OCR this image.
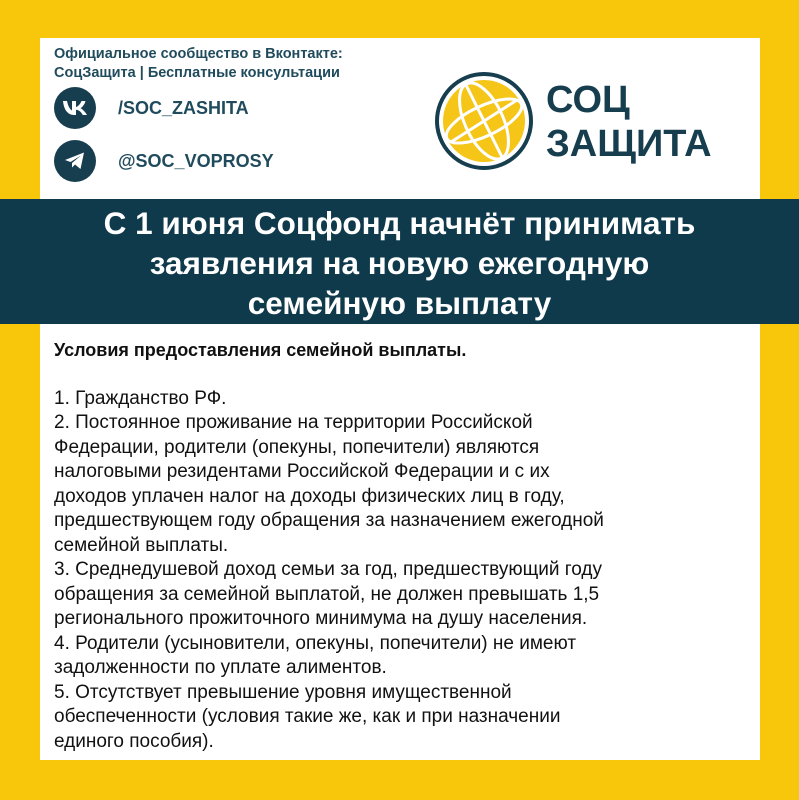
Официальное сообщество в Вконтакте:
СоцЗащита | Бесплатные консультации
/SOC_ZASHITA
@SOC_VOPROSY
СОЦ
ЗАЩИТА
С 1 июня Соцфонд начнёт принимать
заявления на новую ежегодную
семейную выплату

Условия предоставления семейной выплаты.

1. Гражданство РФ.

2. Постоянное проживание на территории Российской

Федерации, родители (опекуны, попечители) являются

налоговыми резидентами Российской Федерации и с их

доходов уплачен налог на доходы физических лиц в году,

предшествующем году обращения за назначением ежегодной

семейной выплаты.

3. Среднедушевой доход семьи за год, предшествующий году

обращения за семейной выплатой, не должен превышать 1,5

регионального прожиточного минимума на душу населения.

4. Родители (усыновители, опекуны, попечители) не имеют

задолженности по уплате алиментов.

5. Отсутствует превышение уровня имущественной

обеспеченности (условия такие же, как и при назначении

единого пособия).
